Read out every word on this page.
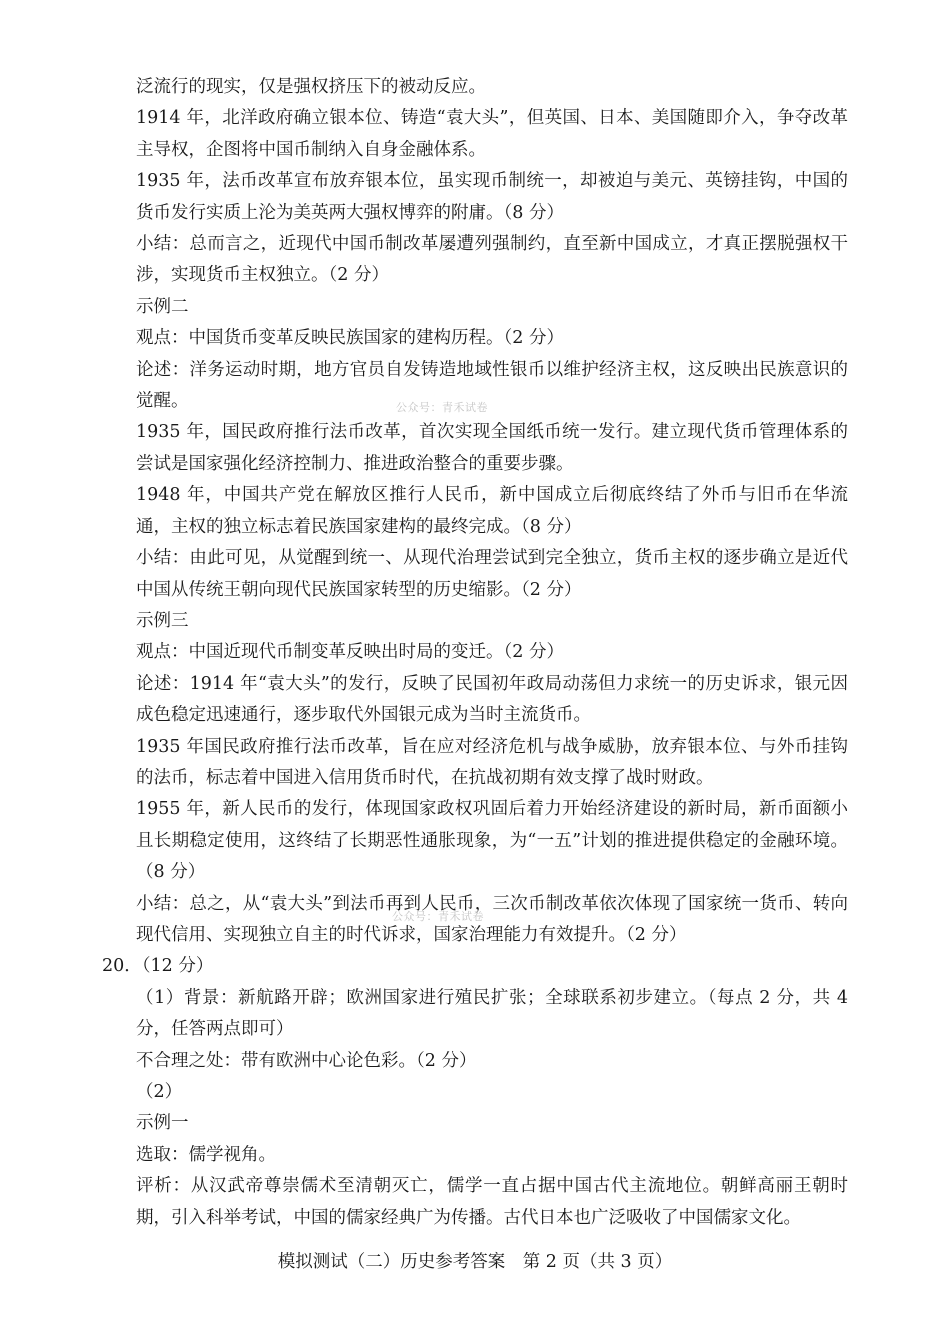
泛流行的现实，仅是强权挤压下的被动反应。

1914 年，北洋政府确立银本位、铸造“袁大头”，但英国、日本、美国随即介入，争夺改革主导权，企图将中国币制纳入自身金融体系。

1935 年，法币改革宣布放弃银本位，虽实现币制统一，却被迫与美元、英镑挂钩，中国的货币发行实质上沦为美英两大强权博弈的附庸。（8 分）

小结：总而言之，近现代中国币制改革屡遭列强制约，直至新中国成立，才真正摆脱强权干涉，实现货币主权独立。（2 分）

示例二

观点：中国货币变革反映民族国家的建构历程。（2 分）

论述：洋务运动时期，地方官员自发铸造地域性银币以维护经济主权，这反映出民族意识的觉醒。

1935 年，国民政府推行法币改革，首次实现全国纸币统一发行。建立现代货币管理体系的尝试是国家强化经济控制力、推进政治整合的重要步骤。

1948 年，中国共产党在解放区推行人民币，新中国成立后彻底终结了外币与旧币在华流通，主权的独立标志着民族国家建构的最终完成。（8 分）

小结：由此可见，从觉醒到统一、从现代治理尝试到完全独立，货币主权的逐步确立是近代中国从传统王朝向现代民族国家转型的历史缩影。（2 分）

示例三

观点：中国近现代币制变革反映出时局的变迁。（2 分）

论述：1914 年“袁大头”的发行，反映了民国初年政局动荡但力求统一的历史诉求，银元因成色稳定迅速通行，逐步取代外国银元成为当时主流货币。

1935 年国民政府推行法币改革，旨在应对经济危机与战争威胁，放弃银本位、与外币挂钩的法币，标志着中国进入信用货币时代，在抗战初期有效支撑了战时财政。

1955 年，新人民币的发行，体现国家政权巩固后着力开始经济建设的新时局，新币面额小且长期稳定使用，这终结了长期恶性通胀现象，为“一五”计划的推进提供稳定的金融环境。（8 分）

小结：总之，从“袁大头”到法币再到人民币，三次币制改革依次体现了国家统一货币、转向现代信用、实现独立自主的时代诉求，国家治理能力有效提升。（2 分）

20．（12 分）

（1）背景：新航路开辟；欧洲国家进行殖民扩张；全球联系初步建立。（每点 2 分，共 4 分，任答两点即可）

不合理之处：带有欧洲中心论色彩。（2 分）

（2）

示例一

选取：儒学视角。

评析：从汉武帝尊崇儒术至清朝灭亡，儒学一直占据中国古代主流地位。朝鲜高丽王朝时期，引入科举考试，中国的儒家经典广为传播。古代日本也广泛吸收了中国儒家文化。

公众号：青禾试卷
公众号：青禾试卷
模拟测试（二）历史参考答案　第 2 页（共 3 页）
